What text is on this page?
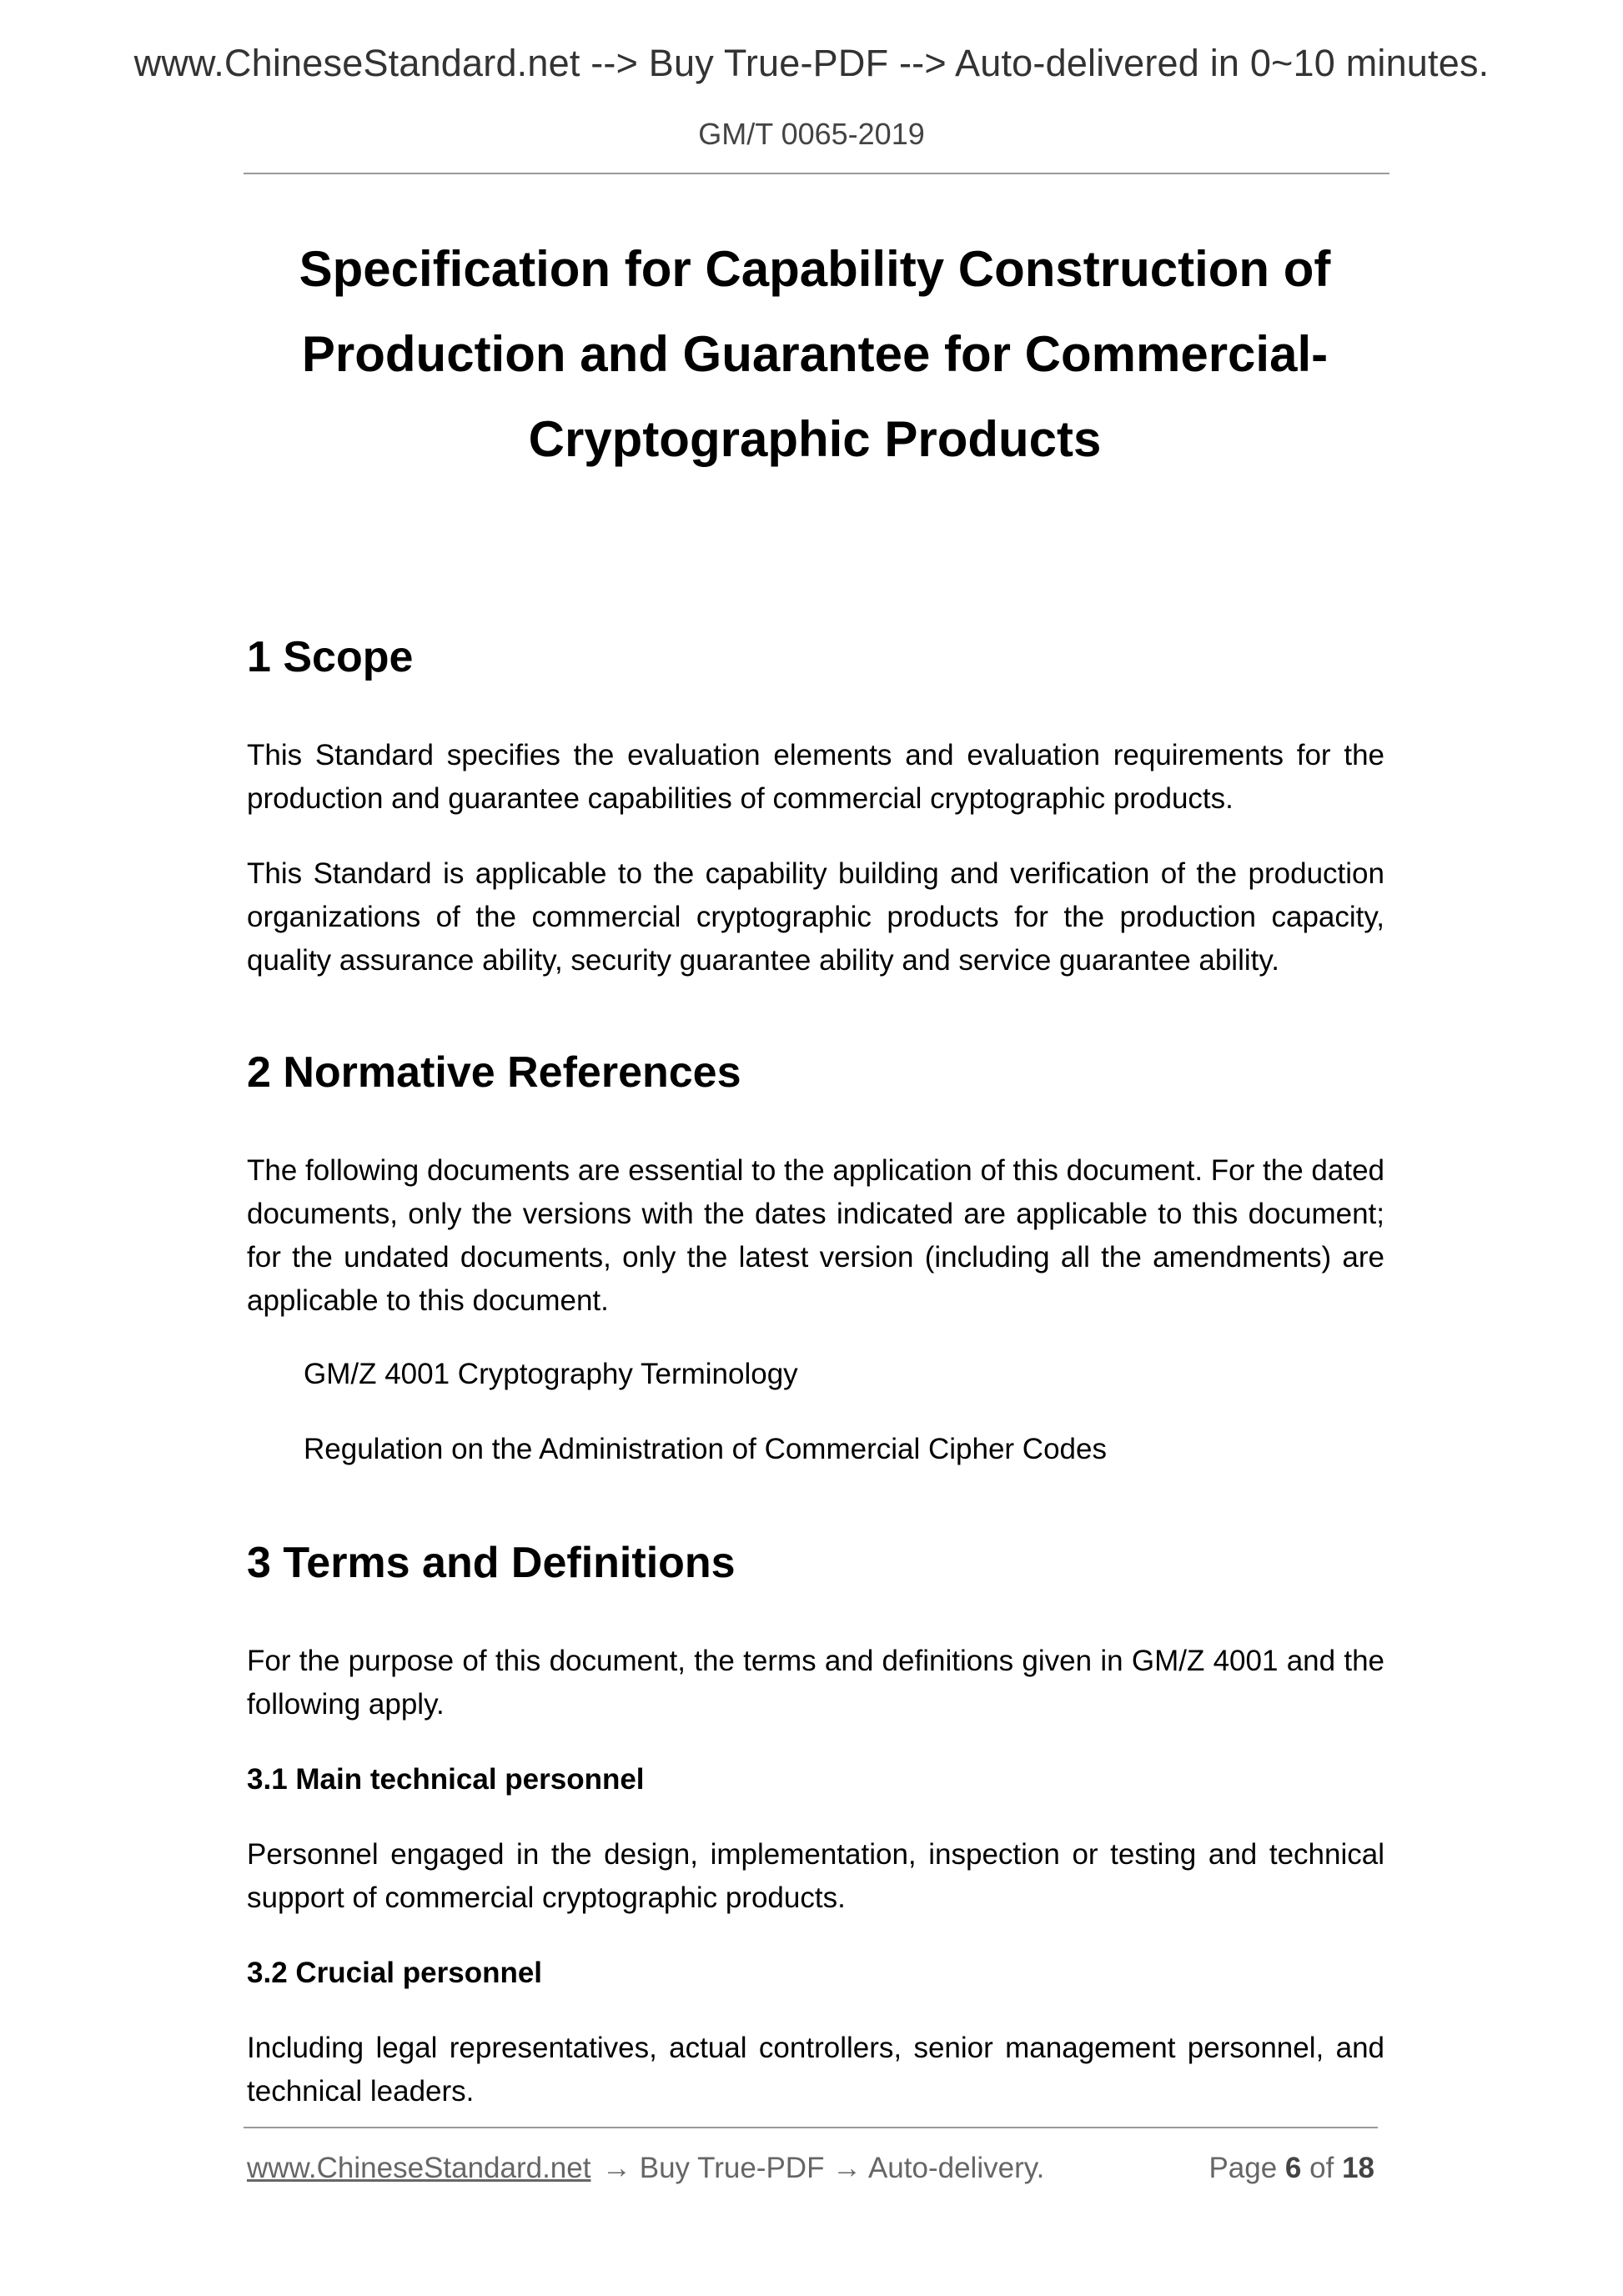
www.ChineseStandard.net --> Buy True-PDF --> Auto-delivered in 0~10 minutes.
GM/T 0065-2019
Specification for Capability Construction of
Production and Guarantee for Commercial-
Cryptographic Products
1 Scope

This Standard specifies the evaluation elements and evaluation requirements for the production and guarantee capabilities of commercial cryptographic products.

This Standard is applicable to the capability building and verification of the production organizations of the commercial cryptographic products for the production capacity, quality assurance ability, security guarantee ability and service guarantee ability.

2 Normative References

The following documents are essential to the application of this document. For the dated documents, only the versions with the dates indicated are applicable to this document; for the undated documents, only the latest version (including all the amendments) are applicable to this document.

GM/Z 4001 Cryptography Terminology

Regulation on the Administration of Commercial Cipher Codes

3 Terms and Definitions

For the purpose of this document, the terms and definitions given in GM/Z 4001 and the following apply.

3.1 Main technical personnel

Personnel engaged in the design, implementation, inspection or testing and technical support of commercial cryptographic products.

3.2 Crucial personnel

Including legal representatives, actual controllers, senior management personnel, and technical leaders.

www.ChineseStandard.net → Buy True-PDF → Auto-delivery.	Page 6 of 18
